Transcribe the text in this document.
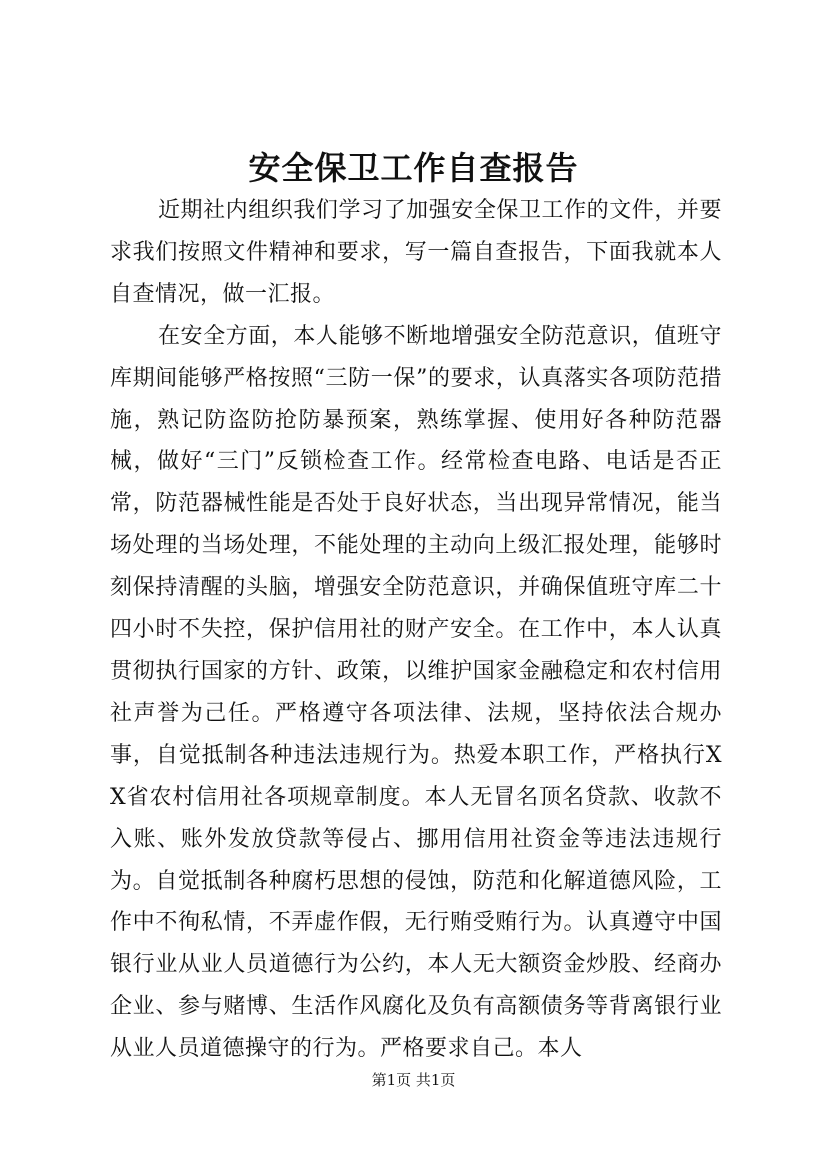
安全保卫工作自查报告

近期社内组织我们学习了加强安全保卫工作的文件，并要求我们按照文件精神和要求，写一篇自查报告，下面我就本人自查情况，做一汇报。

在安全方面，本人能够不断地增强安全防范意识，值班守库期间能够严格按照“三防一保”的要求，认真落实各项防范措施，熟记防盗防抢防暴预案，熟练掌握、使用好各种防范器械，做好“三门”反锁检查工作。经常检查电路、电话是否正常，防范器械性能是否处于良好状态，当出现异常情况，能当场处理的当场处理，不能处理的主动向上级汇报处理，能够时刻保持清醒的头脑，增强安全防范意识，并确保值班守库二十四小时不失控，保护信用社的财产安全。在工作中，本人认真贯彻执行国家的方针、政策，以维护国家金融稳定和农村信用社声誉为己任。严格遵守各项法律、法规，坚持依法合规办事，自觉抵制各种违法违规行为。热爱本职工作，严格执行XX省农村信用社各项规章制度。本人无冒名顶名贷款、收款不入账、账外发放贷款等侵占、挪用信用社资金等违法违规行为。自觉抵制各种腐朽思想的侵蚀，防范和化解道德风险，工作中不徇私情，不弄虚作假，无行贿受贿行为。认真遵守中国银行业从业人员道德行为公约，本人无大额资金炒股、经商办企业、参与赌博、生活作风腐化及负有高额债务等背离银行业从业人员道德操守的行为。严格要求自己。本人

第1页 共1页
